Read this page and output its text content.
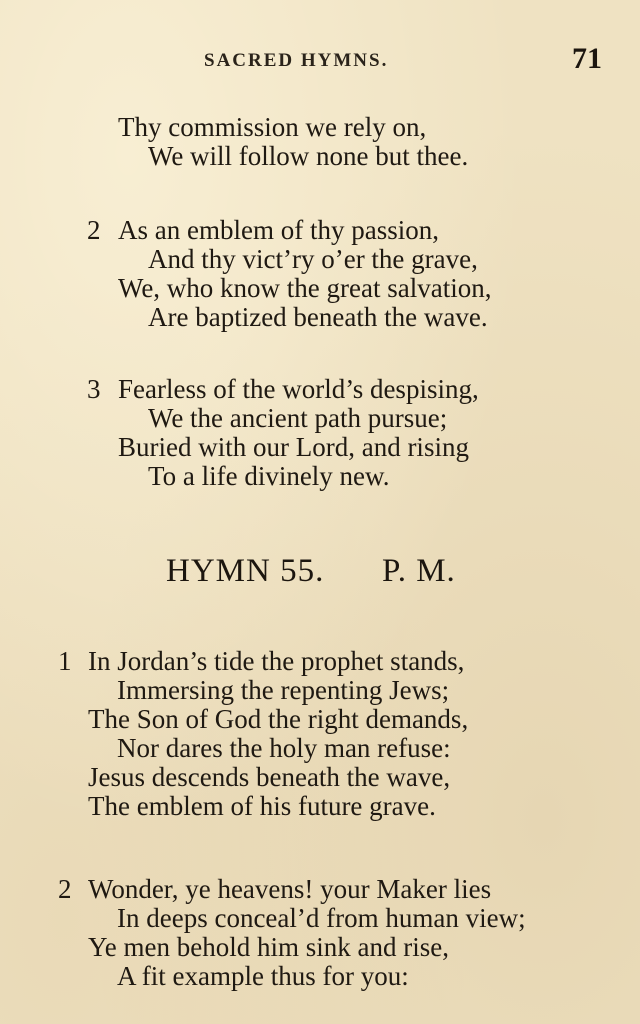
SACRED HYMNS.	71
Thy commission we rely on,
We will follow none but thee.
2 As an emblem of thy passion,
And thy vict’ry o’er the grave,
We, who know the great salvation,
Are baptized beneath the wave.
3 Fearless of the world’s despising,
We the ancient path pursue;
Buried with our Lord, and rising
To a life divinely new.
HYMN 55. P. M.
1 In Jordan’s tide the prophet stands,
Immersing the repenting Jews;
The Son of God the right demands,
Nor dares the holy man refuse:
Jesus descends beneath the wave,
The emblem of his future grave.
2 Wonder, ye heavens! your Maker lies
In deeps conceal’d from human view;
Ye men behold him sink and rise,
A fit example thus for you:
